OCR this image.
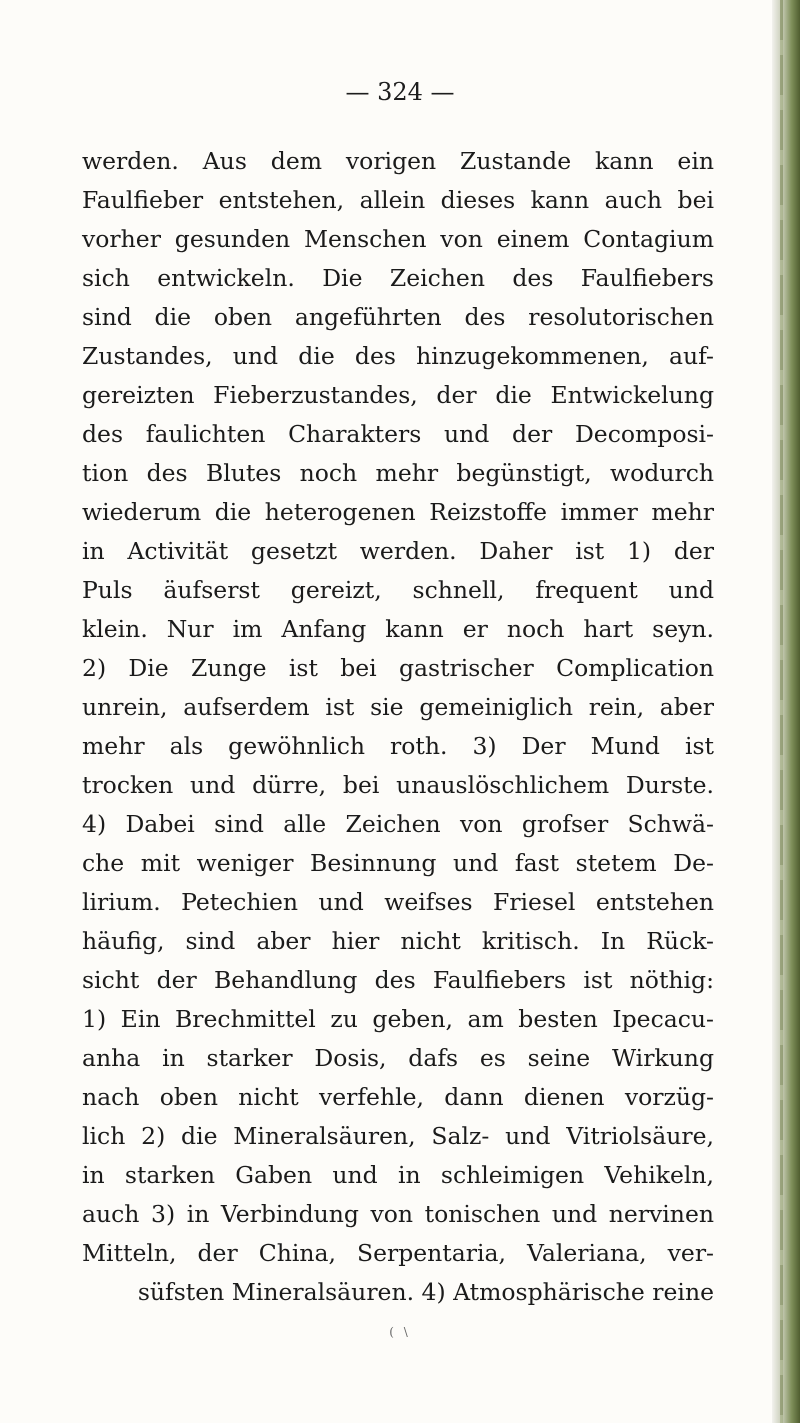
— 324 —
werden. Aus dem vorigen Zustande kann ein
Faulfieber entstehen, allein dieses kann auch bei
vorher gesunden Menschen von einem Contagium
sich entwickeln. Die Zeichen des Faulfiebers
sind die oben angeführten des resolutorischen
Zustandes, und die des hinzugekommenen, auf-
gereizten Fieberzustandes, der die Entwickelung
des faulichten Charakters und der Decomposi-
tion des Blutes noch mehr begünstigt, wodurch
wiederum die heterogenen Reizstoffe immer mehr
in Activität gesetzt werden. Daher ist 1) der
Puls äufserst gereizt, schnell, frequent und
klein. Nur im Anfang kann er noch hart seyn.
2) Die Zunge ist bei gastrischer Complication
unrein, aufserdem ist sie gemeiniglich rein, aber
mehr als gewöhnlich roth. 3) Der Mund ist
trocken und dürre, bei unauslöschlichem Durste.
4) Dabei sind alle Zeichen von grofser Schwä-
che mit weniger Besinnung und fast stetem De-
lirium. Petechien und weifses Friesel entstehen
häufig, sind aber hier nicht kritisch. In Rück-
sicht der Behandlung des Faulfiebers ist nöthig:
1) Ein Brechmittel zu geben, am besten Ipecacu-
anha in starker Dosis, dafs es seine Wirkung
nach oben nicht verfehle, dann dienen vorzüg-
lich 2) die Mineralsäuren, Salz- und Vitriolsäure,
in starken Gaben und in schleimigen Vehikeln,
auch 3) in Verbindung von tonischen und nervinen
Mitteln, der China, Serpentaria, Valeriana, ver-
süfsten Mineralsäuren. 4) Atmosphärische reine
( \
